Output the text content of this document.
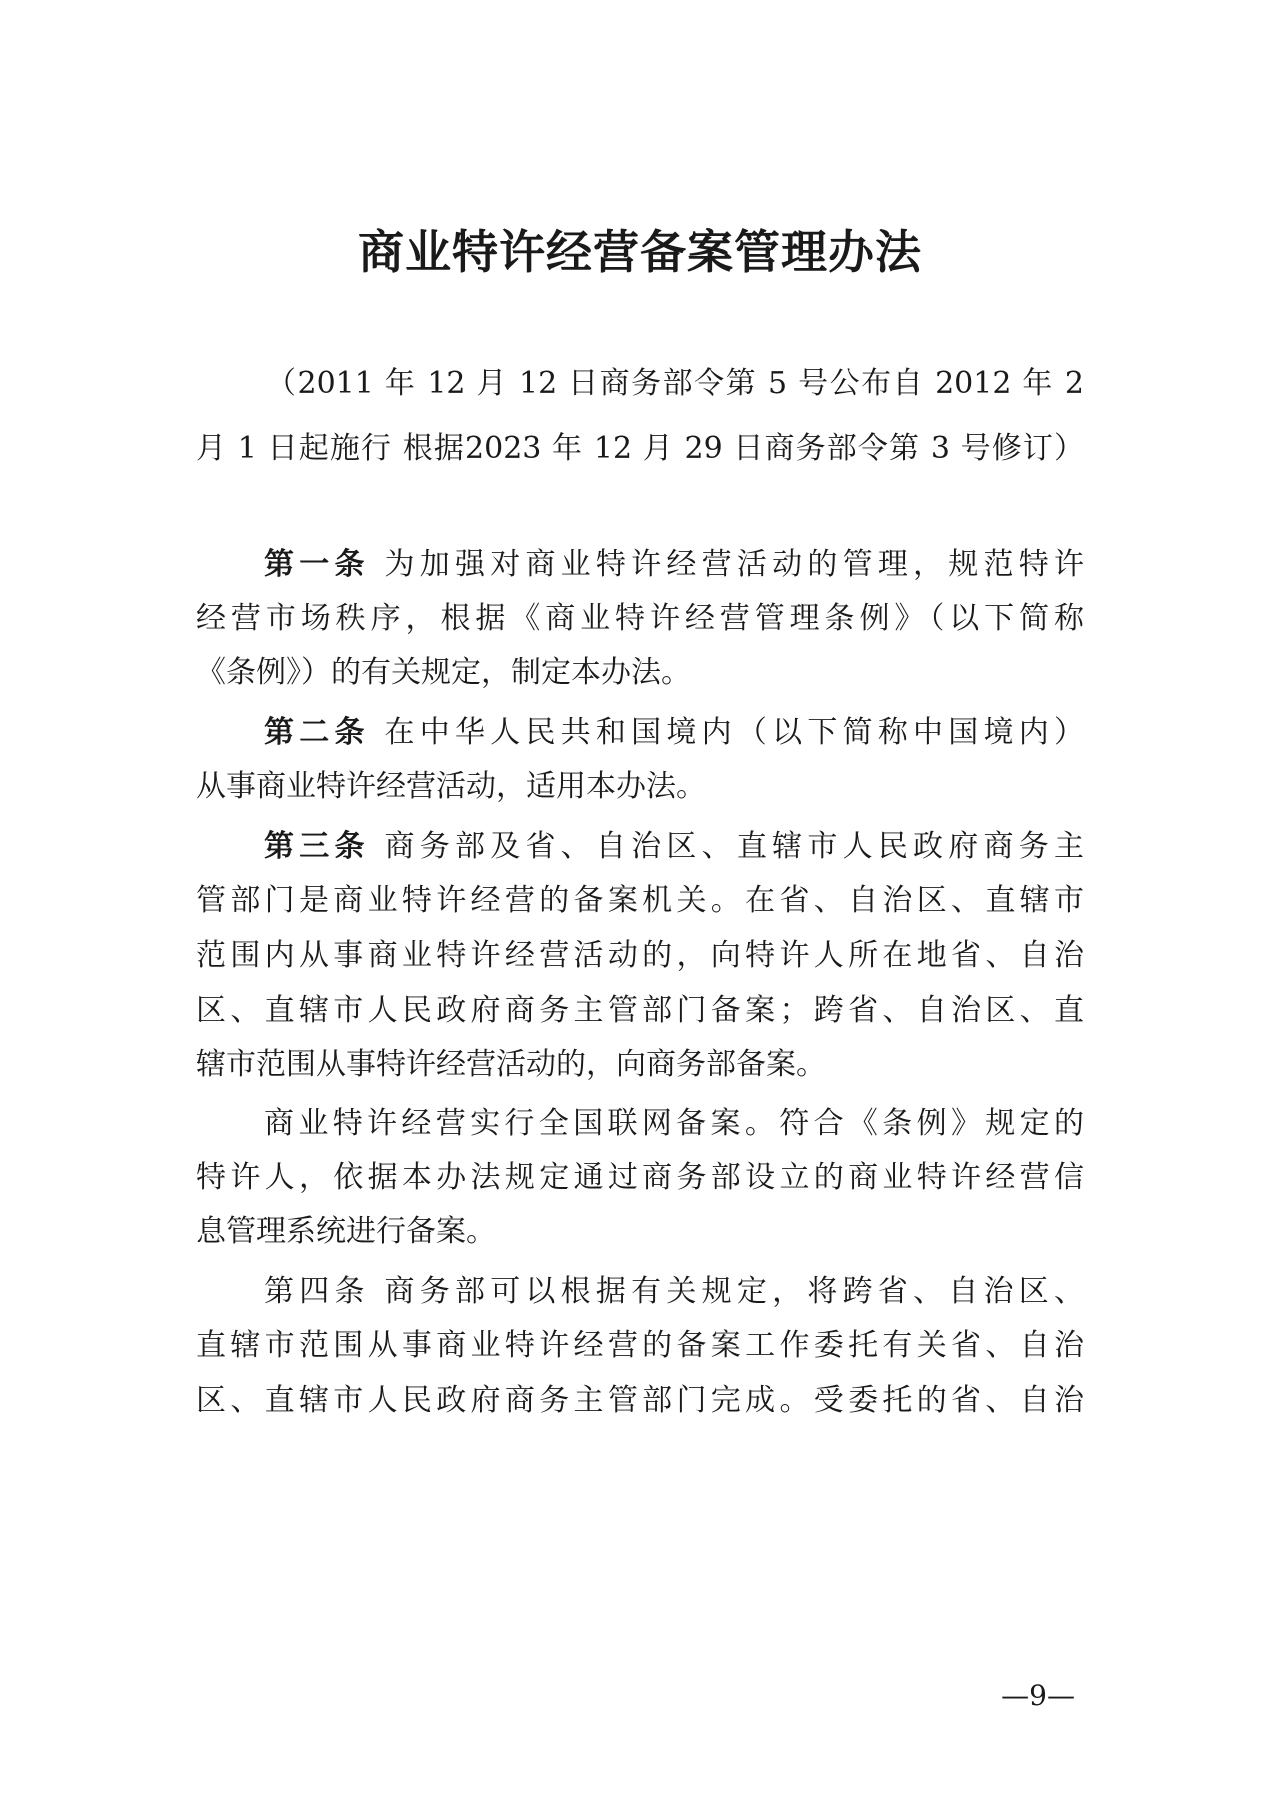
商业特许经营备案管理办法
（2011 年 12 月 12 日商务部令第 5 号公布自 2012 年 2
月 1 日起施行 根据2023 年 12 月 29 日商务部令第 3 号修订）
第一条 为加强对商业特许经营活动的管理，规范特许
经营市场秩序，根据《商业特许经营管理条例》（以下简称
《条例》）的有关规定，制定本办法。
第二条 在中华人民共和国境内（以下简称中国境内）
从事商业特许经营活动，适用本办法。
第三条 商务部及省、自治区、直辖市人民政府商务主
管部门是商业特许经营的备案机关。在省、自治区、直辖市
范围内从事商业特许经营活动的，向特许人所在地省、自治
区、直辖市人民政府商务主管部门备案；跨省、自治区、直
辖市范围从事特许经营活动的，向商务部备案。
商业特许经营实行全国联网备案。符合《条例》规定的
特许人，依据本办法规定通过商务部设立的商业特许经营信
息管理系统进行备案。
第四条 商务部可以根据有关规定，将跨省、自治区、
直辖市范围从事商业特许经营的备案工作委托有关省、自治
区、直辖市人民政府商务主管部门完成。受委托的省、自治
—9—
